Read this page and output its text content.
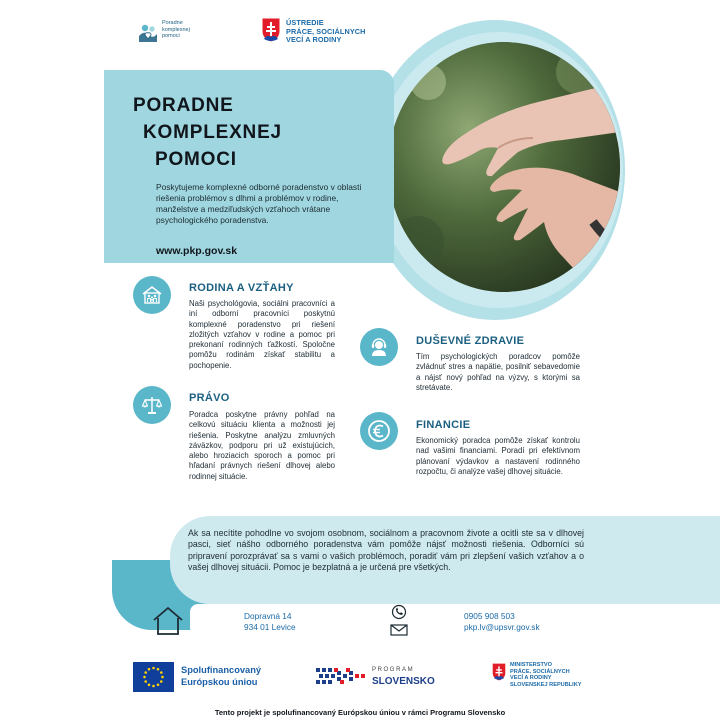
Poradne
komplexnej
pomoci
ÚSTREDIE
PRÁCE, SOCIÁLNYCH
VECÍ A RODINY
PORADNE
KOMPLEXNEJ
POMOCI
Poskytujeme komplexné odborné poradenstvo v oblasti riešenia problémov s dlhmi a problémov v rodine, manželstve a medziľudských vzťahoch vrátane psychologického poradenstva.
www.pkp.gov.sk
RODINA A VZŤAHY
Naši psychológovia, sociálni pracovníci a iní odborní pracovníci poskytnú komplexné poradenstvo pri riešení zložitých vzťahov v rodine a pomoc pri prekonaní rodinných ťažkostí. Spoločne pomôžu rodinám získať stabilitu a pochopenie.
PRÁVO
Poradca poskytne právny pohľad na celkovú situáciu klienta a možnosti jej riešenia. Poskytne analýzu zmluvných záväzkov, podporu pri už existujúcich, alebo hroziacich sporoch a pomoc pri hľadaní právnych riešení dlhovej alebo rodinnej situácie.
DUŠEVNÉ ZDRAVIE
Tím psychologických poradcov pomôže zvládnuť stres a napätie, posilniť sebavedomie a nájsť nový pohľad na výzvy, s ktorými sa stretávate.
FINANCIE
Ekonomický poradca pomôže získať kontrolu nad vašimi financiami. Poradí pri efektívnom plánovaní výdavkov a nastavení rodinného rozpočtu, či analýze vašej dlhovej situácie.
Ak sa necítite pohodlne vo svojom osobnom, sociálnom a pracovnom živote a ocitli ste sa v dlhovej pasci, sieť nášho odborného poradenstva vám pomôže nájsť možnosti riešenia. Odborníci sú pripravení porozprávať sa s vami o vašich problémoch, poradiť vám pri zlepšení vašich vzťahov a o vašej dlhovej situácii. Pomoc je bezplatná a je určená pre všetkých.
Dopravná 14
934 01 Levice
0905 908 503
pkp.lv@upsvr.gov.sk
Spolufinancovaný
Európskou úniou
PROGRAM
SLOVENSKO
MINISTERSTVO
PRÁCE, SOCIÁLNYCH
VECÍ A RODINY
SLOVENSKEJ REPUBLIKY
Tento projekt je spolufinancovaný Európskou úniou v rámci Programu Slovensko
